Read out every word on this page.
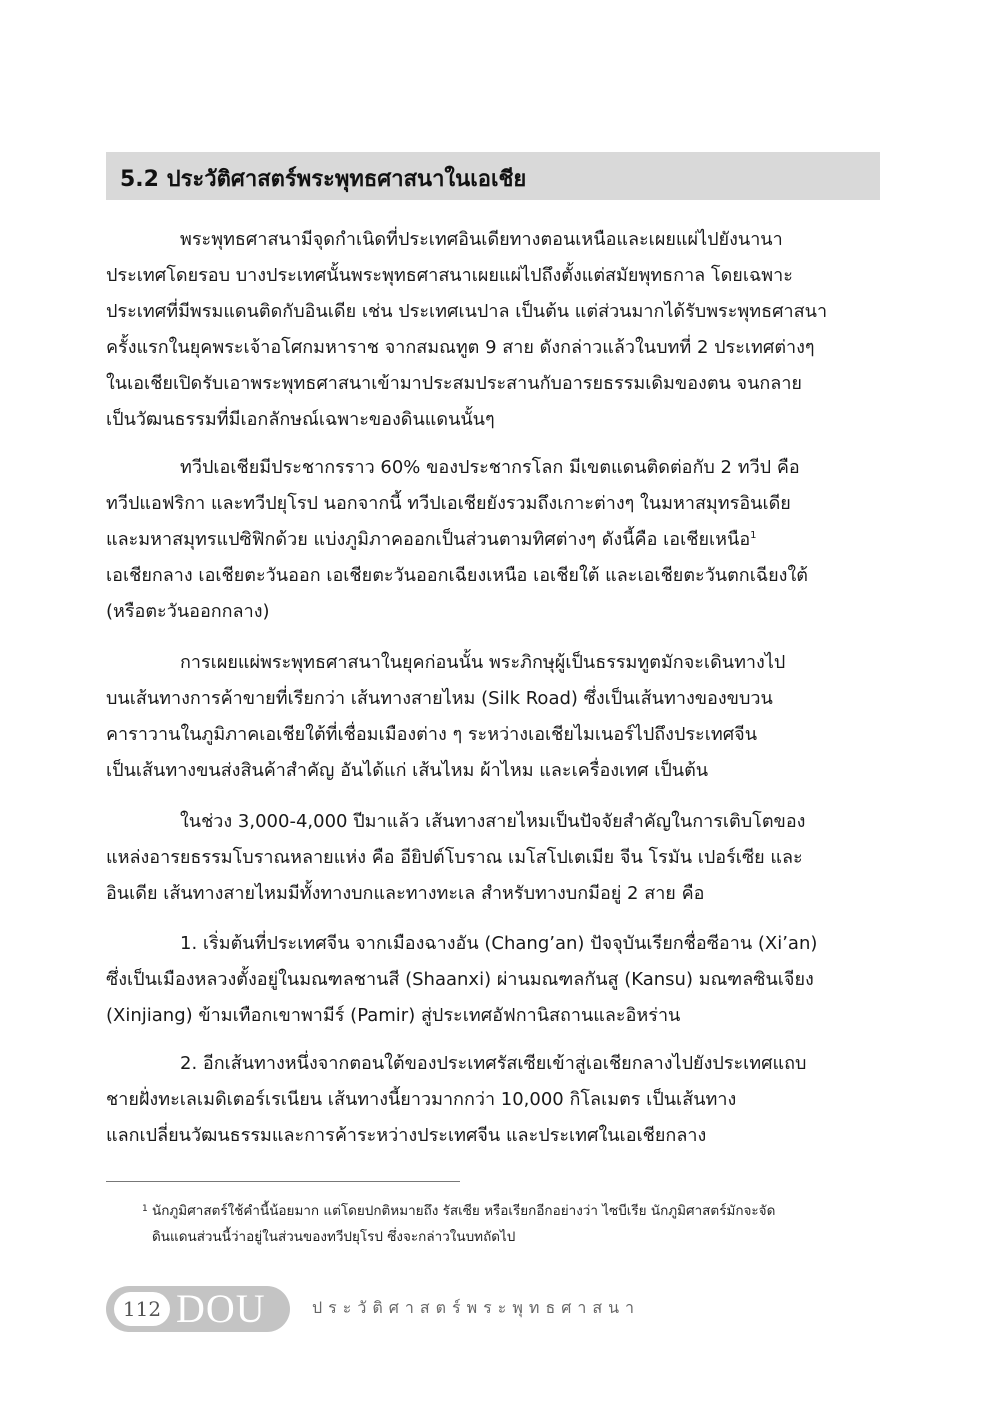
5.2 ประวัติศาสตร์พระพุทธศาสนาในเอเชีย
พระพุทธศาสนามีจุดกำเนิดที่ประเทศอินเดียทางตอนเหนือและเผยแผ่ไปยังนานา
ประเทศโดยรอบ บางประเทศนั้นพระพุทธศาสนาเผยแผ่ไปถึงตั้งแต่สมัยพุทธกาล โดยเฉพาะ
ประเทศที่มีพรมแดนติดกับอินเดีย เช่น ประเทศเนปาล เป็นต้น แต่ส่วนมากได้รับพระพุทธศาสนา
ครั้งแรกในยุคพระเจ้าอโศกมหาราช จากสมณทูต 9 สาย ดังกล่าวแล้วในบทที่ 2 ประเทศต่างๆ
ในเอเชียเปิดรับเอาพระพุทธศาสนาเข้ามาประสมประสานกับอารยธรรมเดิมของตน จนกลาย
เป็นวัฒนธรรมที่มีเอกลักษณ์เฉพาะของดินแดนนั้นๆ
ทวีปเอเชียมีประชากรราว 60% ของประชากรโลก มีเขตแดนติดต่อกับ 2 ทวีป คือ
ทวีปแอฟริกา และทวีปยุโรป นอกจากนี้ ทวีปเอเชียยังรวมถึงเกาะต่างๆ ในมหาสมุทรอินเดีย
และมหาสมุทรแปซิฟิกด้วย แบ่งภูมิภาคออกเป็นส่วนตามทิศต่างๆ ดังนี้คือ เอเชียเหนือ$^1$
เอเชียกลาง เอเชียตะวันออก เอเชียตะวันออกเฉียงเหนือ เอเชียใต้ และเอเชียตะวันตกเฉียงใต้
(หรือตะวันออกกลาง)
การเผยแผ่พระพุทธศาสนาในยุคก่อนนั้น พระภิกษุผู้เป็นธรรมทูตมักจะเดินทางไป
บนเส้นทางการค้าขายที่เรียกว่า เส้นทางสายไหม (Silk Road) ซึ่งเป็นเส้นทางของขบวน
คาราวานในภูมิภาคเอเชียใต้ที่เชื่อมเมืองต่าง ๆ ระหว่างเอเชียไมเนอร์ไปถึงประเทศจีน
เป็นเส้นทางขนส่งสินค้าสำคัญ อันได้แก่ เส้นไหม ผ้าไหม และเครื่องเทศ เป็นต้น
ในช่วง 3,000-4,000 ปีมาแล้ว เส้นทางสายไหมเป็นปัจจัยสำคัญในการเติบโตของ
แหล่งอารยธรรมโบราณหลายแห่ง คือ อียิปต์โบราณ เมโสโปเตเมีย จีน โรมัน เปอร์เซีย และ
อินเดีย เส้นทางสายไหมมีทั้งทางบกและทางทะเล สำหรับทางบกมีอยู่ 2 สาย คือ
1. เริ่มต้นที่ประเทศจีน จากเมืองฉางอัน (Chang’an) ปัจจุบันเรียกชื่อซีอาน (Xi’an)
ซึ่งเป็นเมืองหลวงตั้งอยู่ในมณฑลชานสี (Shaanxi) ผ่านมณฑลกันสู (Kansu) มณฑลซินเจียง
(Xinjiang) ข้ามเทือกเขาพามีร์ (Pamir) สู่ประเทศอัฟกานิสถานและอิหร่าน
2. อีกเส้นทางหนึ่งจากตอนใต้ของประเทศรัสเซียเข้าสู่เอเชียกลางไปยังประเทศแถบ
ชายฝั่งทะเลเมดิเตอร์เรเนียน เส้นทางนี้ยาวมากกว่า 10,000 กิโลเมตร เป็นเส้นทาง
แลกเปลี่ยนวัฒนธรรมและการค้าระหว่างประเทศจีน และประเทศในเอเชียกลาง
1 นักภูมิศาสตร์ใช้คำนี้น้อยมาก แต่โดยปกติหมายถึง รัสเซีย หรือเรียกอีกอย่างว่า ไซบีเรีย นักภูมิศาสตร์มักจะจัด
ดินแดนส่วนนี้ว่าอยู่ในส่วนของทวีปยุโรป ซึ่งจะกล่าวในบทถัดไป
112 DOU	ประวัติศาสตร์พระพุทธศาสนา
